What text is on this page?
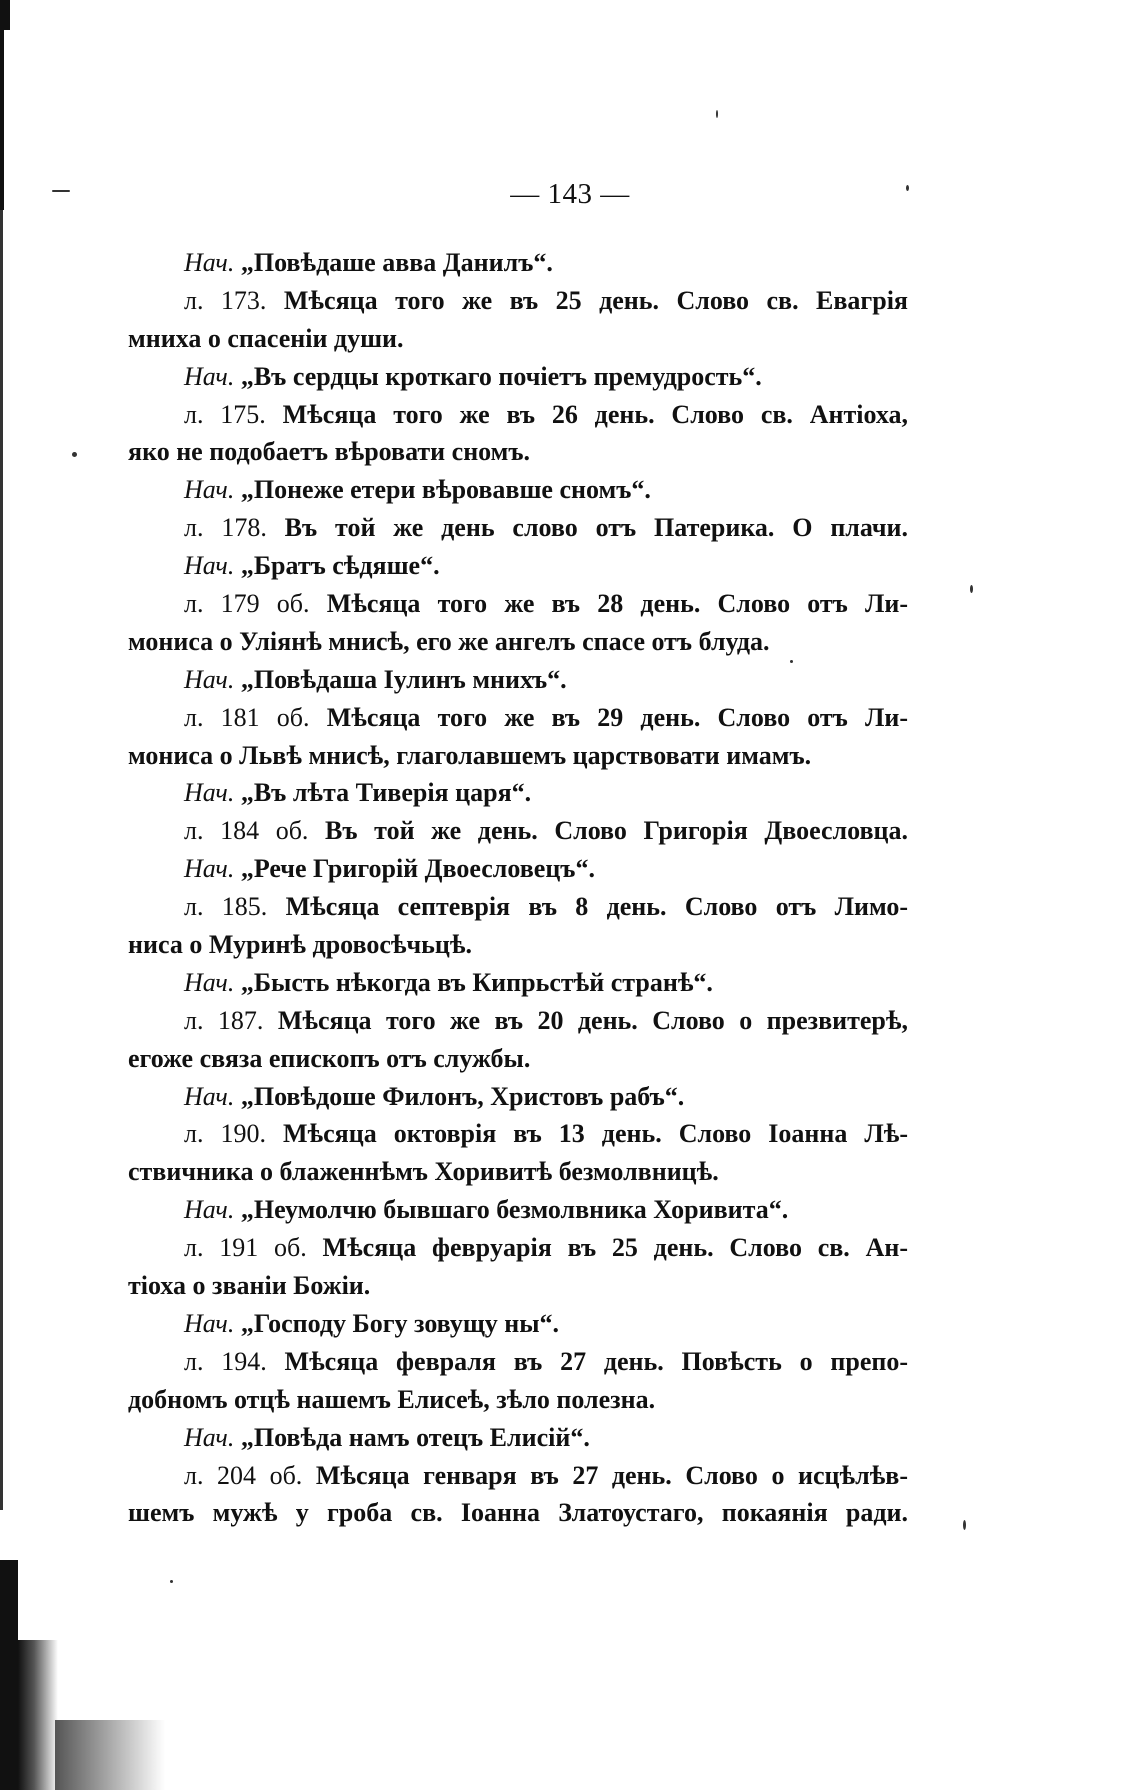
— 143 —
Нач. „Повѣдаше авва Данилъ“.
л. 173. Мѣсяца того же въ 25 день. Слово св. Евагрія
мниха о спасеніи души.
Нач. „Въ сердцы кроткаго почіетъ премудрость“.
л. 175. Мѣсяца того же въ 26 день. Слово св. Антіоха,
яко не подобаетъ вѣровати сномъ.
Нач. „Понеже етери вѣровавше сномъ“.
л. 178. Въ той же день слово отъ Патерика. О плачи.
Нач. „Братъ сѣдяше“.
л. 179 об. Мѣсяца того же въ 28 день. Слово отъ Ли-
мониса о Уліянѣ мнисѣ, его же ангелъ спасе отъ блуда.
Нач. „Повѣдаша Іулинъ мнихъ“.
л. 181 об. Мѣсяца того же въ 29 день. Слово отъ Ли-
мониса о Львѣ мнисѣ, глаголавшемъ царствовати имамъ.
Нач. „Въ лѣта Тиверія царя“.
л. 184 об. Въ той же день. Слово Григорія Двоесловца.
Нач. „Рече Григорій Двоесловецъ“.
л. 185. Мѣсяца септеврія въ 8 день. Слово отъ Лимо-
ниса о Муринѣ дровосѣчьцѣ.
Нач. „Бысть нѣкогда въ Кипрьстѣй странѣ“.
л. 187. Мѣсяца того же въ 20 день. Слово о презвитерѣ,
егоже связа епископъ отъ службы.
Нач. „Повѣдоше Филонъ, Христовъ рабъ“.
л. 190. Мѣсяца октоврія въ 13 день. Слово Іоанна Лѣ-
ствичника о блаженнѣмъ Хоривитѣ безмолвницѣ.
Нач. „Неумолчю бывшаго безмолвника Хоривита“.
л. 191 об. Мѣсяца феврyарія въ 25 день. Слово св. Ан-
тіоха о званіи Божіи.
Нач. „Господу Богу зовущу ны“.
л. 194. Мѣсяца февраля въ 27 день. Повѣсть о препо-
добномъ отцѣ нашемъ Елисеѣ, зѣло полезна.
Нач. „Повѣда намъ отецъ Елисій“.
л. 204 об. Мѣсяца генваря въ 27 день. Слово о исцѣлѣв-
шемъ мужѣ у гроба св. Іоанна Златоустаго, покаянія ради.
